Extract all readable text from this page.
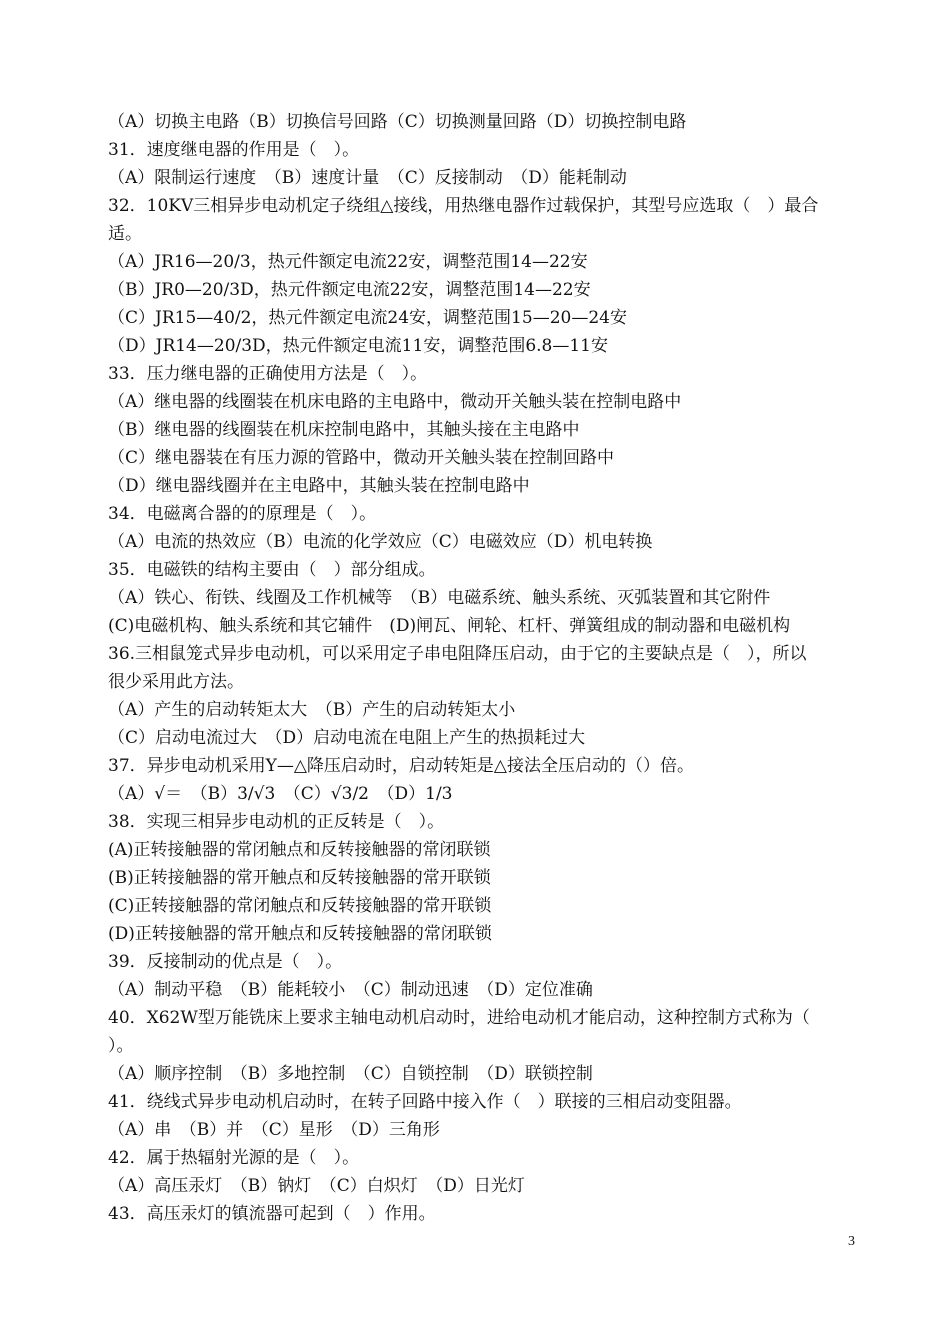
（A）切换主电路（B）切换信号回路（C）切换测量回路（D）切换控制电路
31．速度继电器的作用是（　）。
（A）限制运行速度　（B）速度计量　（C）反接制动　（D）能耗制动
32．10KV三相异步电动机定子绕组△接线，用热继电器作过载保护，其型号应选取（　）最合
适。
（A）JR16—20/3，热元件额定电流22安，调整范围14—22安
（B）JR0—20/3D，热元件额定电流22安，调整范围14—22安
（C）JR15—40/2，热元件额定电流24安，调整范围15—20—24安
（D）JR14—20/3D，热元件额定电流11安，调整范围6.8—11安
33．压力继电器的正确使用方法是（　）。
（A）继电器的线圈装在机床电路的主电路中，微动开关触头装在控制电路中
（B）继电器的线圈装在机床控制电路中，其触头接在主电路中
（C）继电器装在有压力源的管路中，微动开关触头装在控制回路中
（D）继电器线圈并在主电路中，其触头装在控制电路中
34．电磁离合器的的原理是（　）。
（A）电流的热效应（B）电流的化学效应（C）电磁效应（D）机电转换
35．电磁铁的结构主要由（　）部分组成。
（A）铁心、衔铁、线圈及工作机械等　（B）电磁系统、触头系统、灭弧装置和其它附件
(C)电磁机构、触头系统和其它辅件　(D)闸瓦、闸轮、杠杆、弹簧组成的制动器和电磁机构
36.三相鼠笼式异步电动机，可以采用定子串电阻降压启动，由于它的主要缺点是（　），所以
很少采用此方法。
（A）产生的启动转矩太大　（B）产生的启动转矩太小
（C）启动电流过大　（D）启动电流在电阻上产生的热损耗过大
37．异步电动机采用Y—△降压启动时，启动转矩是△接法全压启动的（）倍。
（A）√＝　（B）3/√3　（C）√3/2　（D）1/3
38．实现三相异步电动机的正反转是（　）。
(A)正转接触器的常闭触点和反转接触器的常闭联锁
(B)正转接触器的常开触点和反转接触器的常开联锁
(C)正转接触器的常闭触点和反转接触器的常开联锁
(D)正转接触器的常开触点和反转接触器的常闭联锁
39．反接制动的优点是（　）。
（A）制动平稳　（B）能耗较小　（C）制动迅速　（D）定位准确
40．X62W型万能铣床上要求主轴电动机启动时，进给电动机才能启动，这种控制方式称为（
）。
（A）顺序控制　（B）多地控制　（C）自锁控制　（D）联锁控制
41．绕线式异步电动机启动时，在转子回路中接入作（　）联接的三相启动变阻器。
（A）串　（B）并　（C）星形　（D）三角形
42．属于热辐射光源的是（　）。
（A）高压汞灯　（B）钠灯　（C）白炽灯　（D）日光灯
43．高压汞灯的镇流器可起到（　）作用。
3
